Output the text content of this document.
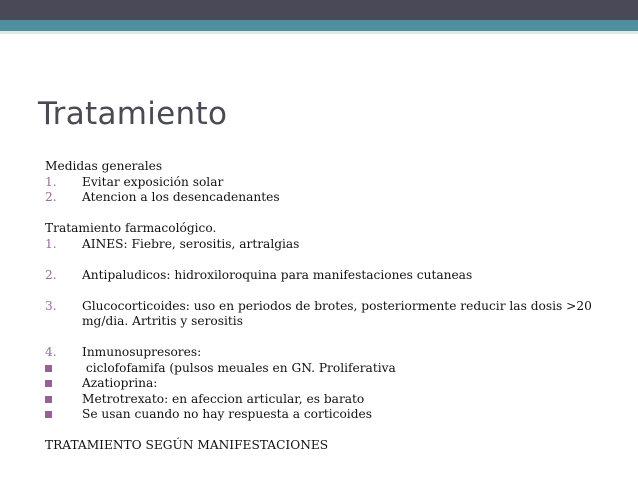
Tratamiento
Medidas generales
1.	Evitar exposición solar
2.	Atencion a los desencadenantes
Tratamiento farmacológico.
1.	AINES: Fiebre, serositis, artralgias
2.	Antipaludicos: hidroxiloroquina para manifestaciones cutaneas
3.	Glucocorticoides: uso en periodos de brotes, posteriormente reducir las dosis >20 mg/dia. Artritis y serositis
4.	Inmunosupresores:
ciclofofamifa (pulsos meuales en GN. Proliferativa
Azatioprina:
Metrotrexato: en afeccion articular, es barato
Se usan cuando no hay respuesta a corticoides
TRATAMIENTO SEGÚN MANIFESTACIONES
